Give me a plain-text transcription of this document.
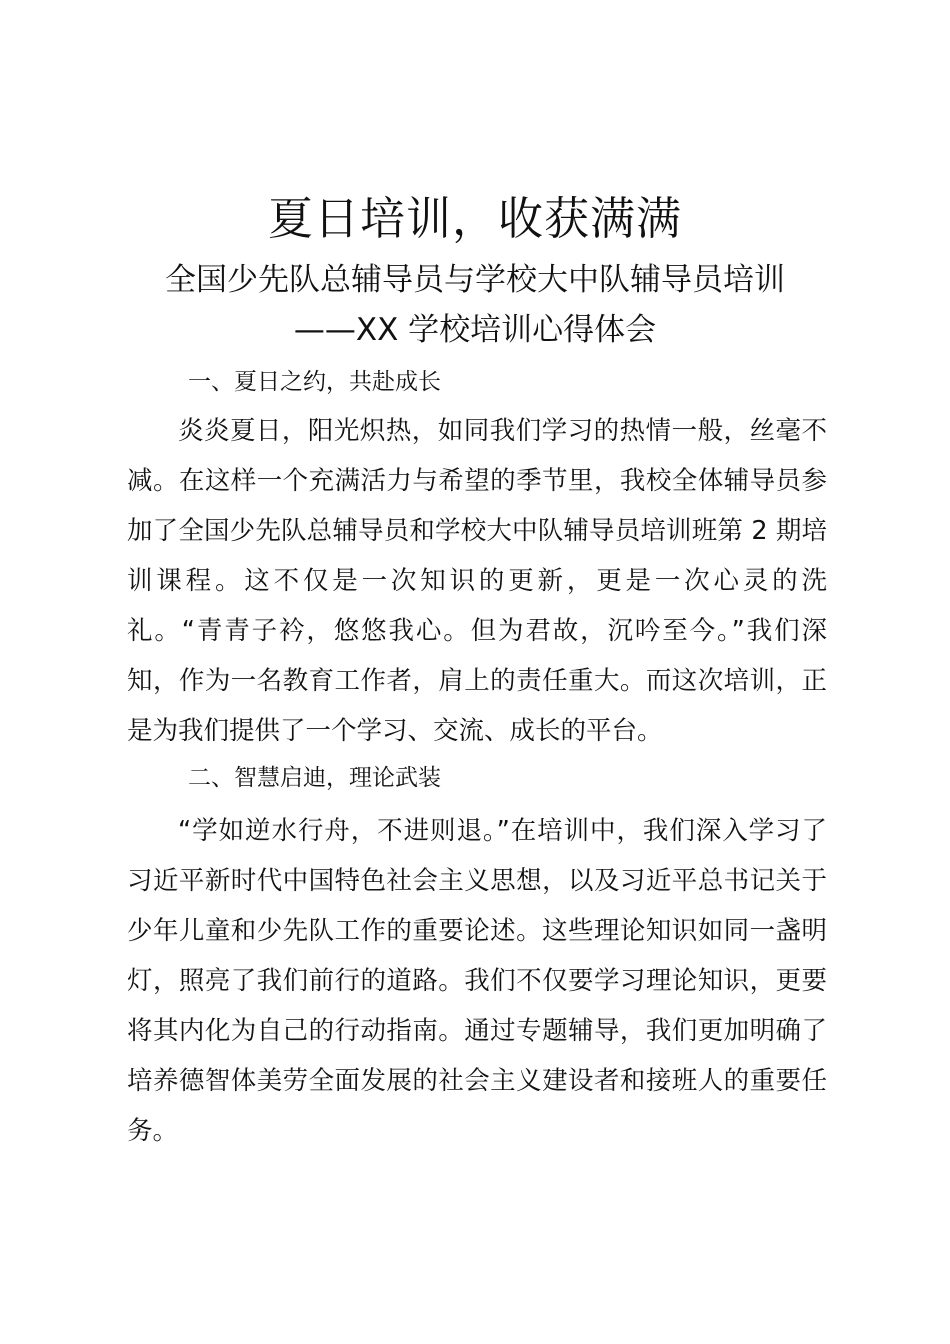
夏日培训，收获满满
全国少先队总辅导员与学校大中队辅导员培训
——XX 学校培训心得体会
一、夏日之约，共赴成长

炎炎夏日，阳光炽热，如同我们学习的热情一般，丝毫不减。在这样一个充满活力与希望的季节里，我校全体辅导员参加了全国少先队总辅导员和学校大中队辅导员培训班第 2 期培训课程。这不仅是一次知识的更新，更是一次心灵的洗礼。“青青子衿，悠悠我心。但为君故，沉吟至今。”我们深知，作为一名教育工作者，肩上的责任重大。而这次培训，正是为我们提供了一个学习、交流、成长的平台。

二、智慧启迪，理论武装

“学如逆水行舟，不进则退。”在培训中，我们深入学习了习近平新时代中国特色社会主义思想，以及习近平总书记关于少年儿童和少先队工作的重要论述。这些理论知识如同一盏明灯，照亮了我们前行的道路。我们不仅要学习理论知识，更要将其内化为自己的行动指南。通过专题辅导，我们更加明确了培养德智体美劳全面发展的社会主义建设者和接班人的重要任务。
